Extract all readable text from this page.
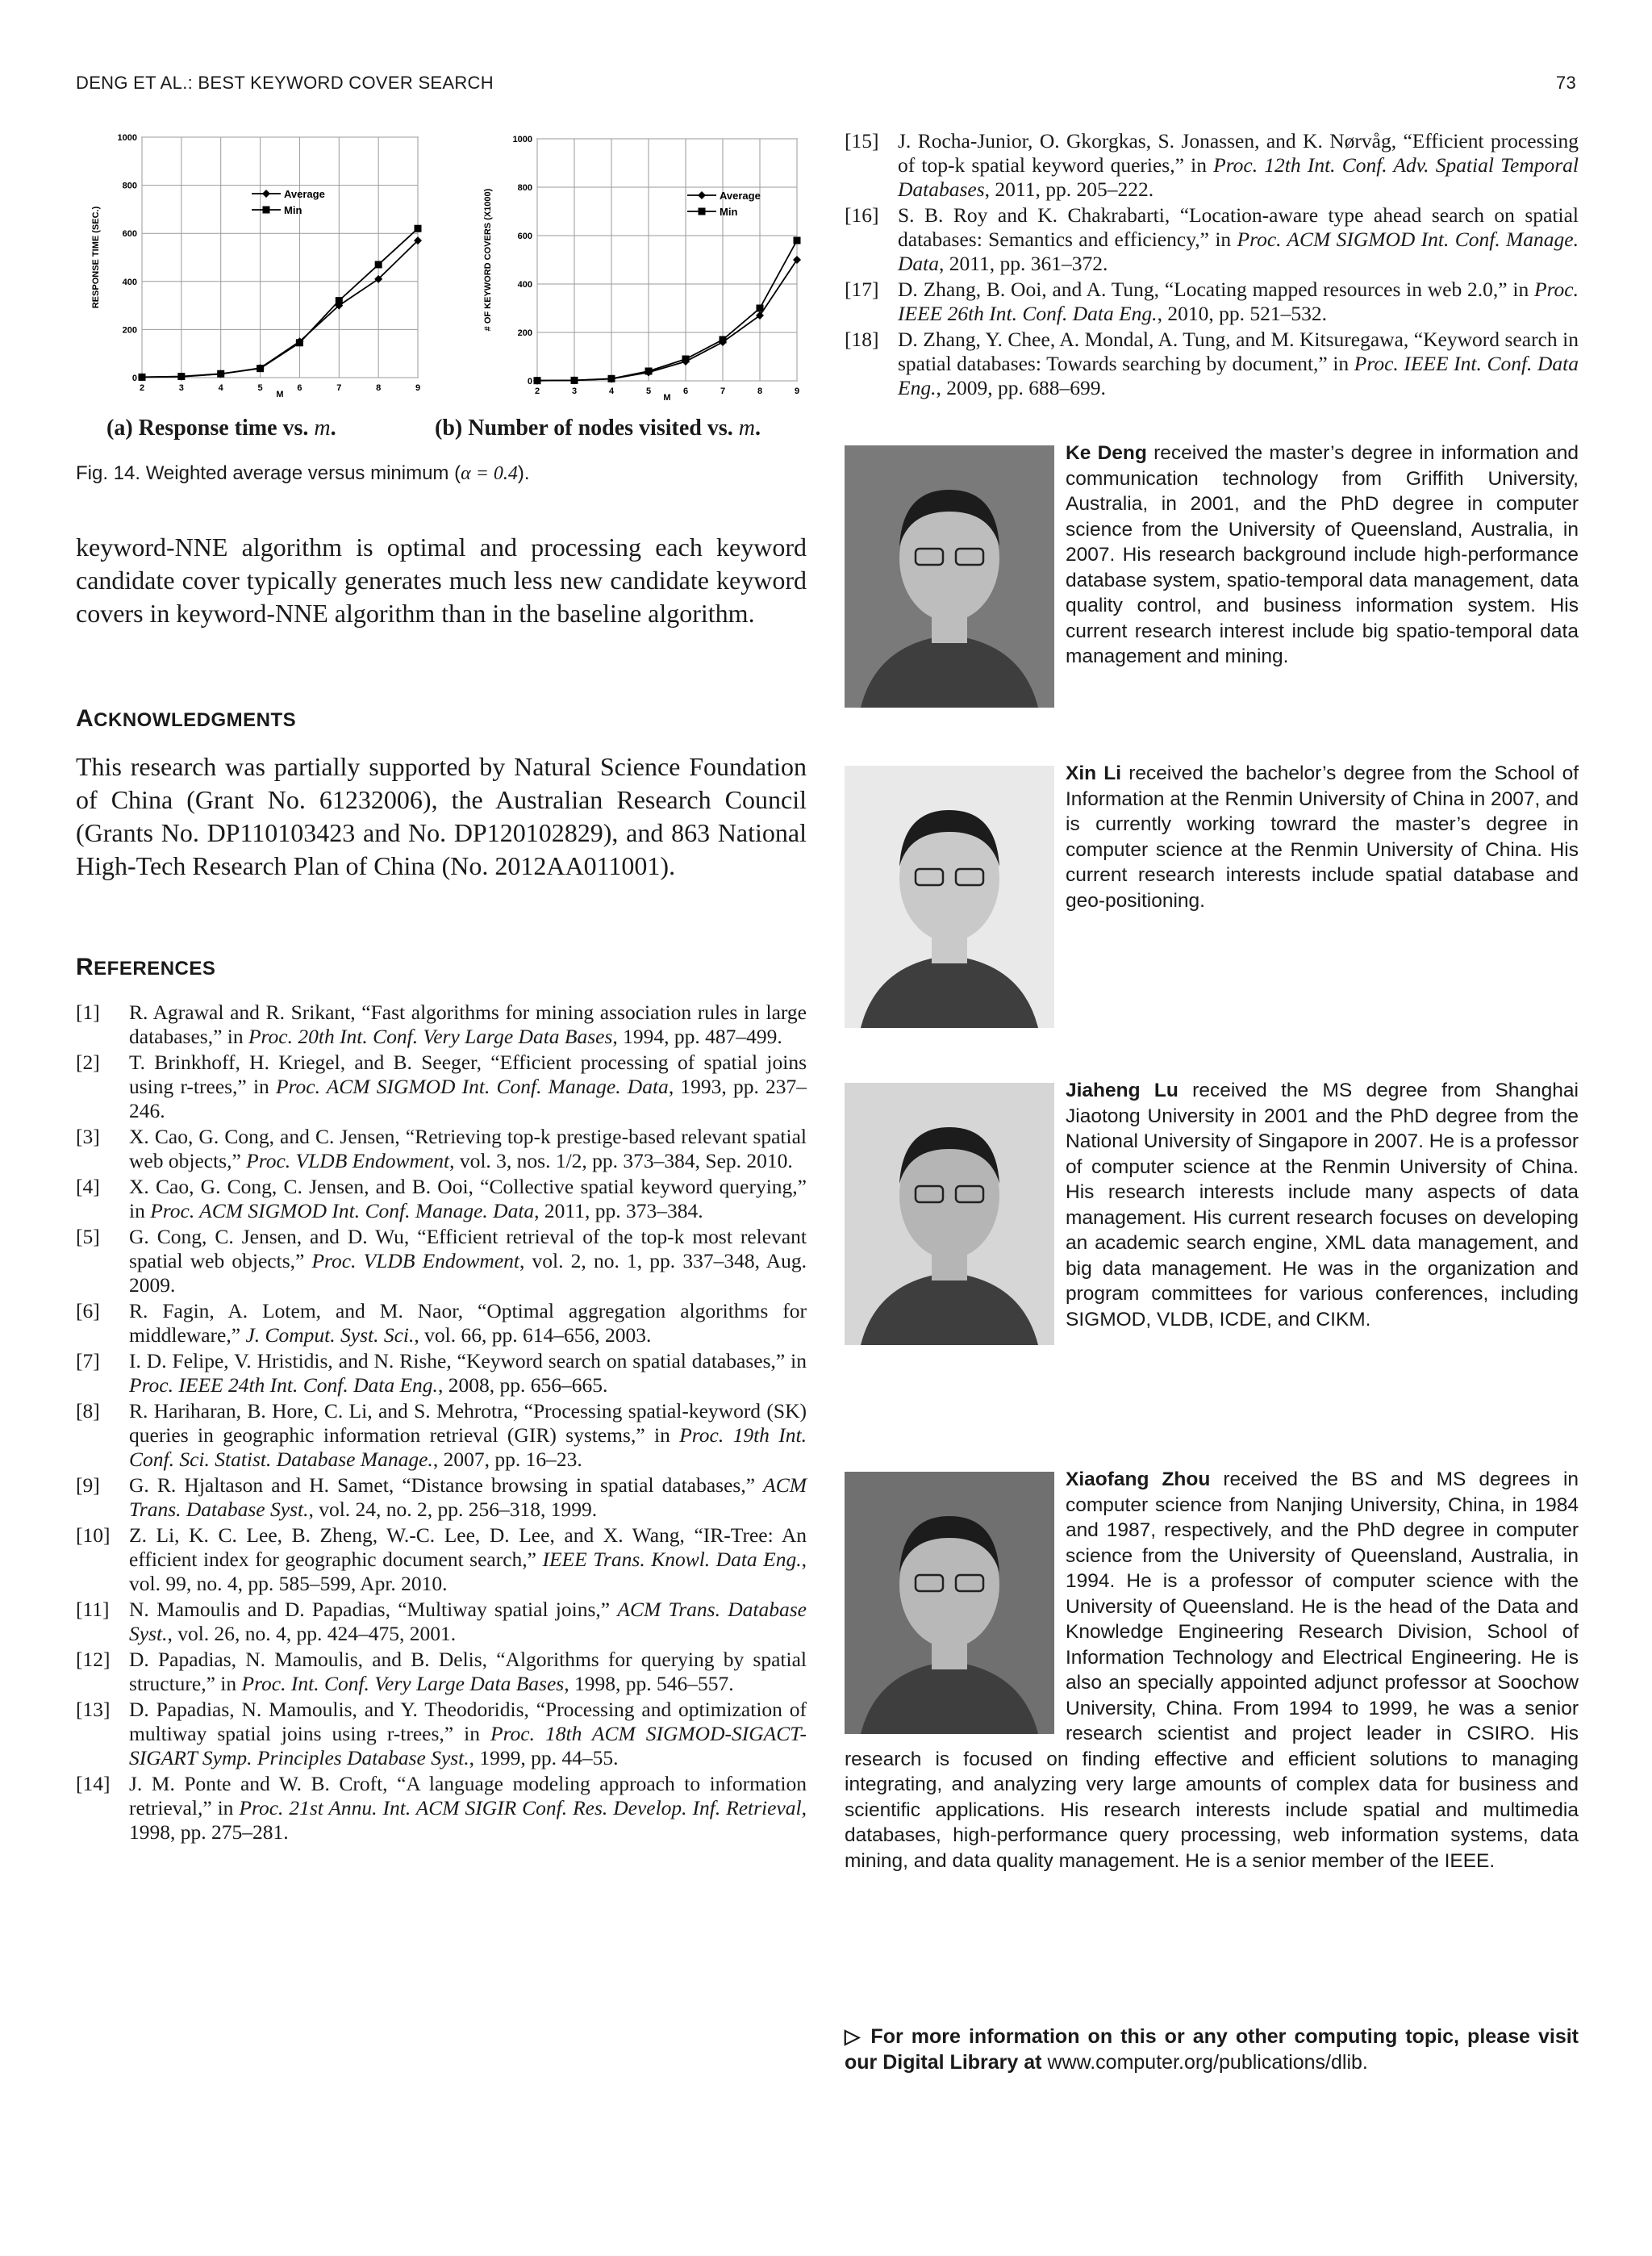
DENG ET AL.: BEST KEYWORD COVER SEARCH	73
0
200
400
600
800
1000
2	3	4	5	6	7	8	9
M
RESPONSE TIME (SEC.)
Average
Min
0
200
400
600
800
1000
2	3	4	5	6	7	8	9
M
# OF KEYWORD COVERS (X1000)	Average
Min
(a) Response time vs. m.	(b) Number of nodes visited vs. m.
Fig. 14. Weighted average versus minimum (α = 0.4).

keyword-NNE algorithm is optimal and processing each keyword candidate cover typically generates much less new candidate keyword covers in keyword-NNE algorithm than in the baseline algorithm.

ACKNOWLEDGMENTS

This research was partially supported by Natural Science Foundation of China (Grant No. 61232006), the Australian Research Council (Grants No. DP110103423 and No. DP120102829), and 863 National High-Tech Research Plan of China (No. 2012AA011001).

REFERENCES
[1] R. Agrawal and R. Srikant, “Fast algorithms for mining association rules in large databases,” in Proc. 20th Int. Conf. Very Large Data Bases, 1994, pp. 487–499.
[2] T. Brinkhoff, H. Kriegel, and B. Seeger, “Efficient processing of spatial joins using r-trees,” in Proc. ACM SIGMOD Int. Conf. Manage. Data, 1993, pp. 237–246.
[3] X. Cao, G. Cong, and C. Jensen, “Retrieving top-k prestige-based relevant spatial web objects,” Proc. VLDB Endowment, vol. 3, nos. 1/2, pp. 373–384, Sep. 2010.
[4] X. Cao, G. Cong, C. Jensen, and B. Ooi, “Collective spatial keyword querying,” in Proc. ACM SIGMOD Int. Conf. Manage. Data, 2011, pp. 373–384.
[5] G. Cong, C. Jensen, and D. Wu, “Efficient retrieval of the top-k most relevant spatial web objects,” Proc. VLDB Endowment, vol. 2, no. 1, pp. 337–348, Aug. 2009.
[6] R. Fagin, A. Lotem, and M. Naor, “Optimal aggregation algorithms for middleware,” J. Comput. Syst. Sci., vol. 66, pp. 614–656, 2003.
[7] I. D. Felipe, V. Hristidis, and N. Rishe, “Keyword search on spatial databases,” in Proc. IEEE 24th Int. Conf. Data Eng., 2008, pp. 656–665.
[8] R. Hariharan, B. Hore, C. Li, and S. Mehrotra, “Processing spatial-keyword (SK) queries in geographic information retrieval (GIR) systems,” in Proc. 19th Int. Conf. Sci. Statist. Database Manage., 2007, pp. 16–23.
[9] G. R. Hjaltason and H. Samet, “Distance browsing in spatial databases,” ACM Trans. Database Syst., vol. 24, no. 2, pp. 256–318, 1999.
[10] Z. Li, K. C. Lee, B. Zheng, W.-C. Lee, D. Lee, and X. Wang, “IR-Tree: An efficient index for geographic document search,” IEEE Trans. Knowl. Data Eng., vol. 99, no. 4, pp. 585–599, Apr. 2010.
[11] N. Mamoulis and D. Papadias, “Multiway spatial joins,” ACM Trans. Database Syst., vol. 26, no. 4, pp. 424–475, 2001.
[12] D. Papadias, N. Mamoulis, and B. Delis, “Algorithms for querying by spatial structure,” in Proc. Int. Conf. Very Large Data Bases, 1998, pp. 546–557.
[13] D. Papadias, N. Mamoulis, and Y. Theodoridis, “Processing and optimization of multiway spatial joins using r-trees,” in Proc. 18th ACM SIGMOD-SIGACT-SIGART Symp. Principles Database Syst., 1999, pp. 44–55.
[14] J. M. Ponte and W. B. Croft, “A language modeling approach to information retrieval,” in Proc. 21st Annu. Int. ACM SIGIR Conf. Res. Develop. Inf. Retrieval, 1998, pp. 275–281.
[15] J. Rocha-Junior, O. Gkorgkas, S. Jonassen, and K. Nørvåg, “Efficient processing of top-k spatial keyword queries,” in Proc. 12th Int. Conf. Adv. Spatial Temporal Databases, 2011, pp. 205–222.
[16] S. B. Roy and K. Chakrabarti, “Location-aware type ahead search on spatial databases: Semantics and efficiency,” in Proc. ACM SIGMOD Int. Conf. Manage. Data, 2011, pp. 361–372.
[17] D. Zhang, B. Ooi, and A. Tung, “Locating mapped resources in web 2.0,” in Proc. IEEE 26th Int. Conf. Data Eng., 2010, pp. 521–532.
[18] D. Zhang, Y. Chee, A. Mondal, A. Tung, and M. Kitsuregawa, “Keyword search in spatial databases: Towards searching by document,” in Proc. IEEE Int. Conf. Data Eng., 2009, pp. 688–699.
Ke Deng received the master’s degree in information and communication technology from Griffith University, Australia, in 2001, and the PhD degree in computer science from the University of Queensland, Australia, in 2007. His research background include high-performance database system, spatio-temporal data management, data quality control, and business information system. His current research interest include big spatio-temporal data management and mining.
Xin Li received the bachelor’s degree from the School of Information at the Renmin University of China in 2007, and is currently working towrard the master’s degree in computer science at the Renmin University of China. His current research interests include spatial database and geo-positioning.
Jiaheng Lu received the MS degree from Shanghai Jiaotong University in 2001 and the PhD degree from the National University of Singapore in 2007. He is a professor of computer science at the Renmin University of China. His research interests include many aspects of data management. His current research focuses on developing an academic search engine, XML data management, and big data management. He was in the organization and program committees for various conferences, including SIGMOD, VLDB, ICDE, and CIKM.
Xiaofang Zhou received the BS and MS degrees in computer science from Nanjing University, China, in 1984 and 1987, respectively, and the PhD degree in computer science from the University of Queensland, Australia, in 1994. He is a professor of computer science with the University of Queensland. He is the head of the Data and Knowledge Engineering Research Division, School of Information Technology and Electrical Engineering. He is also an specially appointed adjunct professor at Soochow University, China. From 1994 to 1999, he was a senior research scientist and project leader in CSIRO. His research is focused on finding effective and efficient solutions to managing integrating, and analyzing very large amounts of complex data for business and scientific applications. His research interests include spatial and multimedia databases, high-performance query processing, web information systems, data mining, and data quality management. He is a senior member of the IEEE.
▷ For more information on this or any other computing topic, please visit our Digital Library at www.computer.org/publications/dlib.
